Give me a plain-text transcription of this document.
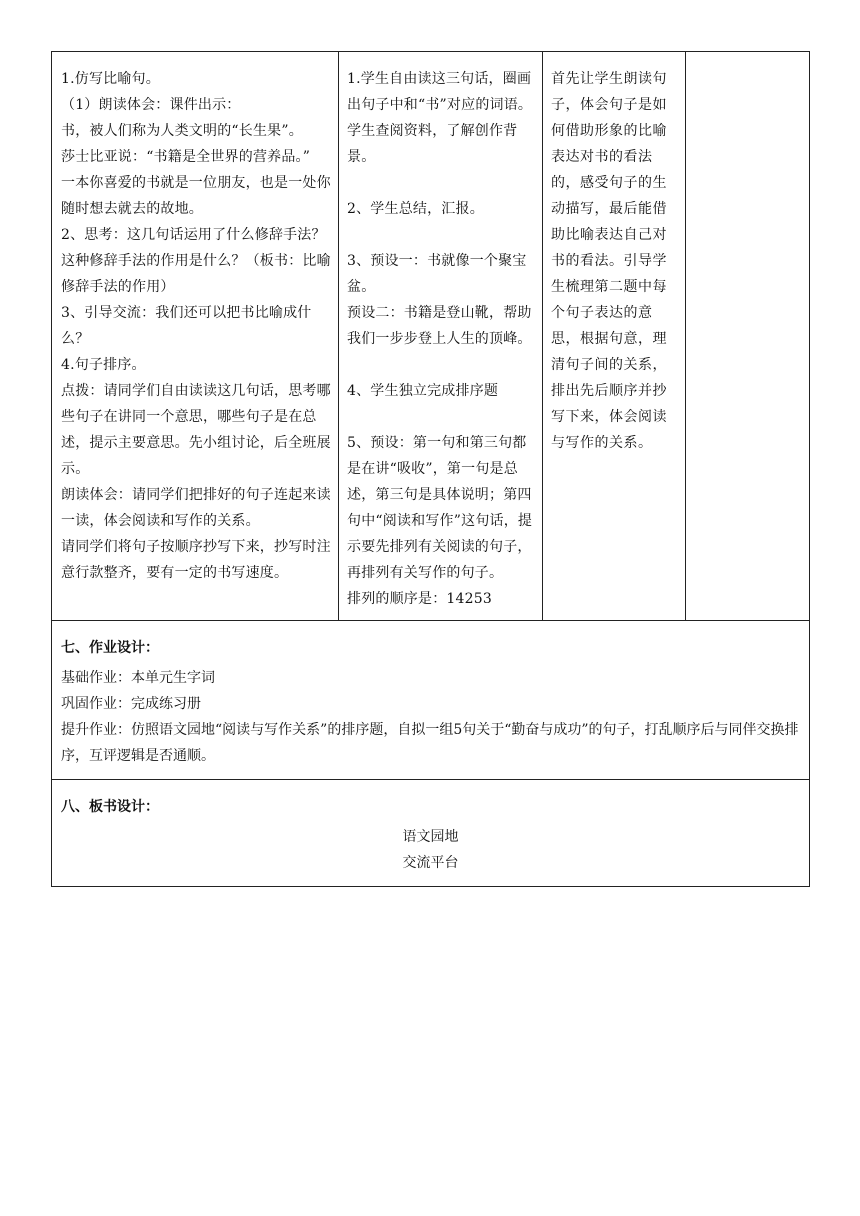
1.仿写比喻句。
（1）朗读体会：课件出示：
书，被人们称为人类文明的“长生果”。
莎士比亚说：“书籍是全世界的营养品。”
一本你喜爱的书就是一位朋友，也是一处你随时想去就去的故地。
2、思考：这几句话运用了什么修辞手法？这种修辞手法的作用是什么？（板书：比喻修辞手法的作用）
3、引导交流：我们还可以把书比喻成什么？
4.句子排序。
点拨：请同学们自由读读这几句话，思考哪些句子在讲同一个意思，哪些句子是在总述，提示主要意思。先小组讨论，后全班展示。
朗读体会：请同学们把排好的句子连起来读一读，体会阅读和写作的关系。
请同学们将句子按顺序抄写下来，抄写时注意行款整齐，要有一定的书写速度。

1.学生自由读这三句话，圈画出句子中和“书”对应的词语。
学生查阅资料，了解创作背景。
2、学生总结，汇报。
3、预设一：书就像一个聚宝盆。
预设二：书籍是登山靴，帮助我们一步步登上人生的顶峰。
4、学生独立完成排序题
5、预设：第一句和第三句都是在讲“吸收”，第一句是总述，第三句是具体说明；第四句中“阅读和写作”这句话，提示要先排列有关阅读的句子，再排列有关写作的句子。
排列的顺序是：14253

首先让学生朗读句子，体会句子是如何借助形象的比喻表达对书的看法的，感受句子的生动描写，最后能借助比喻表达自己对书的看法。引导学生梳理第二题中每个句子表达的意思，根据句意，理清句子间的关系，排出先后顺序并抄写下来，体会阅读与写作的关系。

七、作业设计：
基础作业：本单元生字词
巩固作业：完成练习册
提升作业：仿照语文园地“阅读与写作关系”的排序题，自拟一组5句关于“勤奋与成功”的句子，打乱顺序后与同伴交换排序，互评逻辑是否通顺。

八、板书设计：
语文园地
交流平台
